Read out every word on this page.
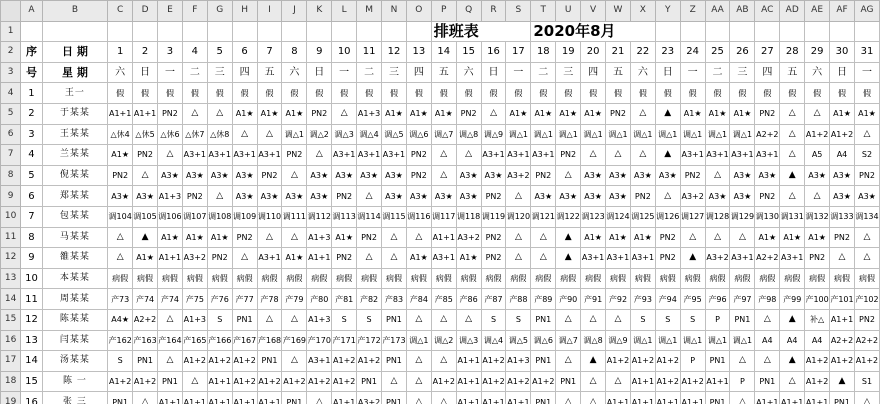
	A	B	C	D	E	F	G	H	I	J	K	L	M	N	O	P	Q	R	S	T	U	V	W	X	Y	Z	AA	AB	AC	AD	AE	AF	AG
1																排班表				2020年8月													
2	序	日 期	1	2	3	4	5	6	7	8	9	10	11	12	13	14	15	16	17	18	19	20	21	22	23	24	25	26	27	28	29	30	31
3	号	星 期	六	日	一	二	三	四	五	六	日	一	二	三	四	五	六	日	一	二	三	四	五	六	日	一	二	三	四	五	六	日	一
4	1	王一	假	假	假	假	假	假	假	假	假	假	假	假	假	假	假	假	假	假	假	假	假	假	假	假	假	假	假	假	假	假	假
5	2	于某某	A1+1	A1+1	PN2	△	△	A1★	A1★	A1★	PN2	△	A1+3	A1★	A1★	A1★	PN2	△	A1★	A1★	A1★	A1★	PN2	△	▲	A1★	A1★	A1★	PN2	△	△	A1★	A1★
6	3	王某某	△休4	△休5	△休6	△休7	△休8	△	△	调△1	调△2	调△3	调△4	调△5	调△6	调△7	调△8	调△9	调△1	调△1	调△1	调△1	调△1	调△1	调△1	调△1	调△1	调△1	A2+2	△	A1+2	A1+2	△
7	4	兰某某	A1★	PN2	△	A3+1	A3+1	A3+1	A3+1	PN2	△	A3+1	A3+1	A3+1	PN2	△	△	A3+1	A3+1	A3+1	PN2	△	△	△	▲	A3+1	A3+1	A3+1	A3+1	△	A5	A4	S2
8	5	倪某某	PN2	△	A3★	A3★	A3★	A3★	PN2	△	A3★	A3★	A3★	A3★	PN2	△	A3★	A3★	A3+2	PN2	△	A3★	A3★	A3★	A3★	PN2	△	A3★	A3★	▲	A3★	A3★	PN2
9	6	郑某某	A3★	A3★	A1+3	PN2	△	A3★	A3★	A3★	A3★	PN2	△	A3★	A3★	A3★	A3★	PN2	△	A3★	A3★	A3★	A3★	PN2	△	A3+2	A3★	A3★	PN2	△	△	A3★	A3★
10	7	包某某	调104	调105	调106	调107	调108	调109	调110	调111	调112	调113	调114	调115	调116	调117	调118	调119	调120	调121	调122	调123	调124	调125	调126	调127	调128	调129	调130	调131	调132	调133	调134
11	8	马某某	△	▲	A1★	A1★	A1★	PN2	△	△	A1+3	A1★	PN2	△	△	A1+1	A3+2	PN2	△	△	▲	A1★	A1★	A1★	PN2	△	△	△	A1★	A1★	A1★	PN2	△
12	9	雒某某	△	A1★	A1+1	A3+2	PN2	△	A3+1	A1★	A1+1	PN2	△	△	A1★	A3+1	A1★	PN2	△	△	▲	A3+1	A3+1	A3+1	PN2	▲	A3+2	A3+1	A2+2	A3+1	PN2	△	△
13	10	本某某	病假	病假	病假	病假	病假	病假	病假	病假	病假	病假	病假	病假	病假	病假	病假	病假	病假	病假	病假	病假	病假	病假	病假	病假	病假	病假	病假	病假	病假	病假	病假
14	11	周某某	产73	产74	产74	产75	产76	产77	产78	产79	产80	产81	产82	产83	产84	产85	产86	产87	产88	产89	产90	产91	产92	产93	产94	产95	产96	产97	产98	产99	产100	产101	产102
15	12	陈某某	A4★	A2+2	△	A1+3	S	PN1	△	△	A1+3	S	S	PN1	△	△	△	S	S	PN1	△	△	△	S	S	S	P	PN1	△	▲	补△	A1+1	PN2
16	13	闫某某	产162	产163	产164	产165	产166	产167	产168	产169	产170	产171	产172	产173	调△1	调△2	调△3	调△4	调△5	调△6	调△7	调△8	调△9	调△1	调△1	调△1	调△1	调△1	A4	A4	A4	A2+2	A2+2
17	14	汤某某	S	PN1	△	A1+2	A1+2	A1+2	PN1	△	A3+1	A1+2	A1+2	PN1	△	△	A1+1	A1+2	A1+3	PN1	△	▲	A1+2	A1+2	A1+2	P	PN1	△	△	▲	A1+2	A1+2	A1+2
18	15	陈 一	A1+2	A1+2	PN1	△	A1+1	A1+2	A1+2	A1+2	A1+2	A1+2	PN1	△	△	A1+2	A1+1	A1+2	A1+2	A1+2	PN1	△	△	A1+1	A1+2	A1+2	A1+1	P	PN1	△	A1+2	▲	S1
19	16	张 三	PN1	△	A1+1	A1+1	A1+1	A1+1	A1+1	PN1	△	A1+1	A3+2	PN1	△	△	A1+1	A1+1	A1+1	PN1	△	△	A1+1	A1+1	A1+1	A1+1	PN1	△	A1+1	A1+1	A1+1	PN1	△
